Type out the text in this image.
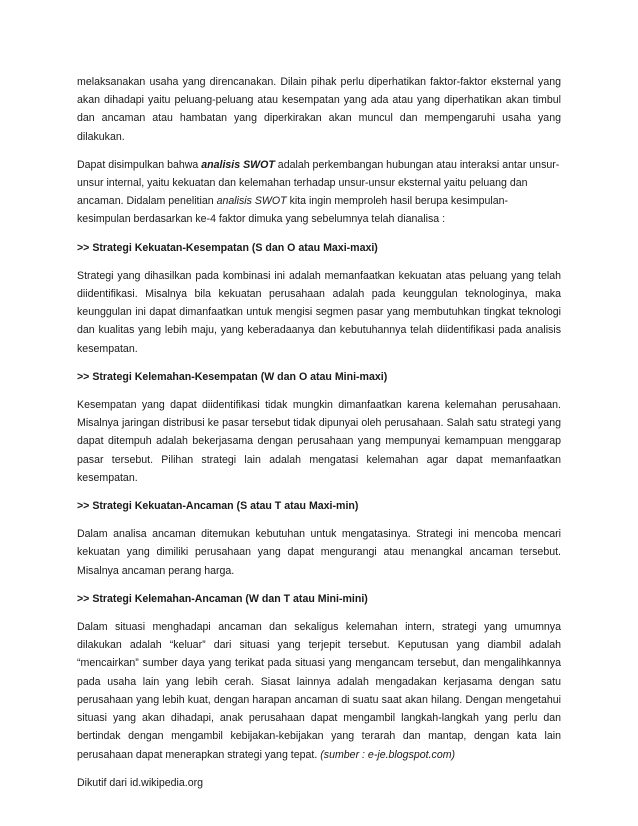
melaksanakan usaha yang direncanakan. Dilain pihak perlu diperhatikan faktor-faktor eksternal yang akan dihadapi yaitu peluang-peluang atau kesempatan yang ada atau yang diperhatikan akan timbul dan ancaman atau hambatan yang diperkirakan akan muncul dan mempengaruhi usaha yang dilakukan.

Dapat disimpulkan bahwa analisis SWOT adalah perkembangan hubungan atau interaksi antar unsur-unsur internal, yaitu kekuatan dan kelemahan terhadap unsur-unsur eksternal yaitu peluang dan ancaman. Didalam penelitian analisis SWOT kita ingin memproleh hasil berupa kesimpulan-kesimpulan berdasarkan ke-4 faktor dimuka yang sebelumnya telah dianalisa :

>> Strategi Kekuatan-Kesempatan (S dan O atau Maxi-maxi)

Strategi yang dihasilkan pada kombinasi ini adalah memanfaatkan kekuatan atas peluang yang telah diidentifikasi. Misalnya bila kekuatan perusahaan adalah pada keunggulan teknologinya, maka keunggulan ini dapat dimanfaatkan untuk mengisi segmen pasar yang membutuhkan tingkat teknologi dan kualitas yang lebih maju, yang keberadaanya dan kebutuhannya telah diidentifikasi pada analisis kesempatan.

>> Strategi Kelemahan-Kesempatan (W dan O atau Mini-maxi)

Kesempatan yang dapat diidentifikasi tidak mungkin dimanfaatkan karena kelemahan perusahaan. Misalnya jaringan distribusi ke pasar tersebut tidak dipunyai oleh perusahaan. Salah satu strategi yang dapat ditempuh adalah bekerjasama dengan perusahaan yang mempunyai kemampuan menggarap pasar tersebut. Pilihan strategi lain adalah mengatasi kelemahan agar dapat memanfaatkan kesempatan.

>> Strategi Kekuatan-Ancaman (S atau T atau Maxi-min)

Dalam analisa ancaman ditemukan kebutuhan untuk mengatasinya. Strategi ini mencoba mencari kekuatan yang dimiliki perusahaan yang dapat mengurangi atau menangkal ancaman tersebut. Misalnya ancaman perang harga.

>> Strategi Kelemahan-Ancaman (W dan T atau Mini-mini)

Dalam situasi menghadapi ancaman dan sekaligus kelemahan intern, strategi yang umumnya dilakukan adalah “keluar” dari situasi yang terjepit tersebut. Keputusan yang diambil adalah “mencairkan” sumber daya yang terikat pada situasi yang mengancam tersebut, dan mengalihkannya pada usaha lain yang lebih cerah. Siasat lainnya adalah mengadakan kerjasama dengan satu perusahaan yang lebih kuat, dengan harapan ancaman di suatu saat akan hilang. Dengan mengetahui situasi yang akan dihadapi, anak perusahaan dapat mengambil langkah-langkah yang perlu dan bertindak dengan mengambil kebijakan-kebijakan yang terarah dan mantap, dengan kata lain perusahaan dapat menerapkan strategi yang tepat. (sumber : e-je.blogspot.com)

Dikutif dari id.wikipedia.org
